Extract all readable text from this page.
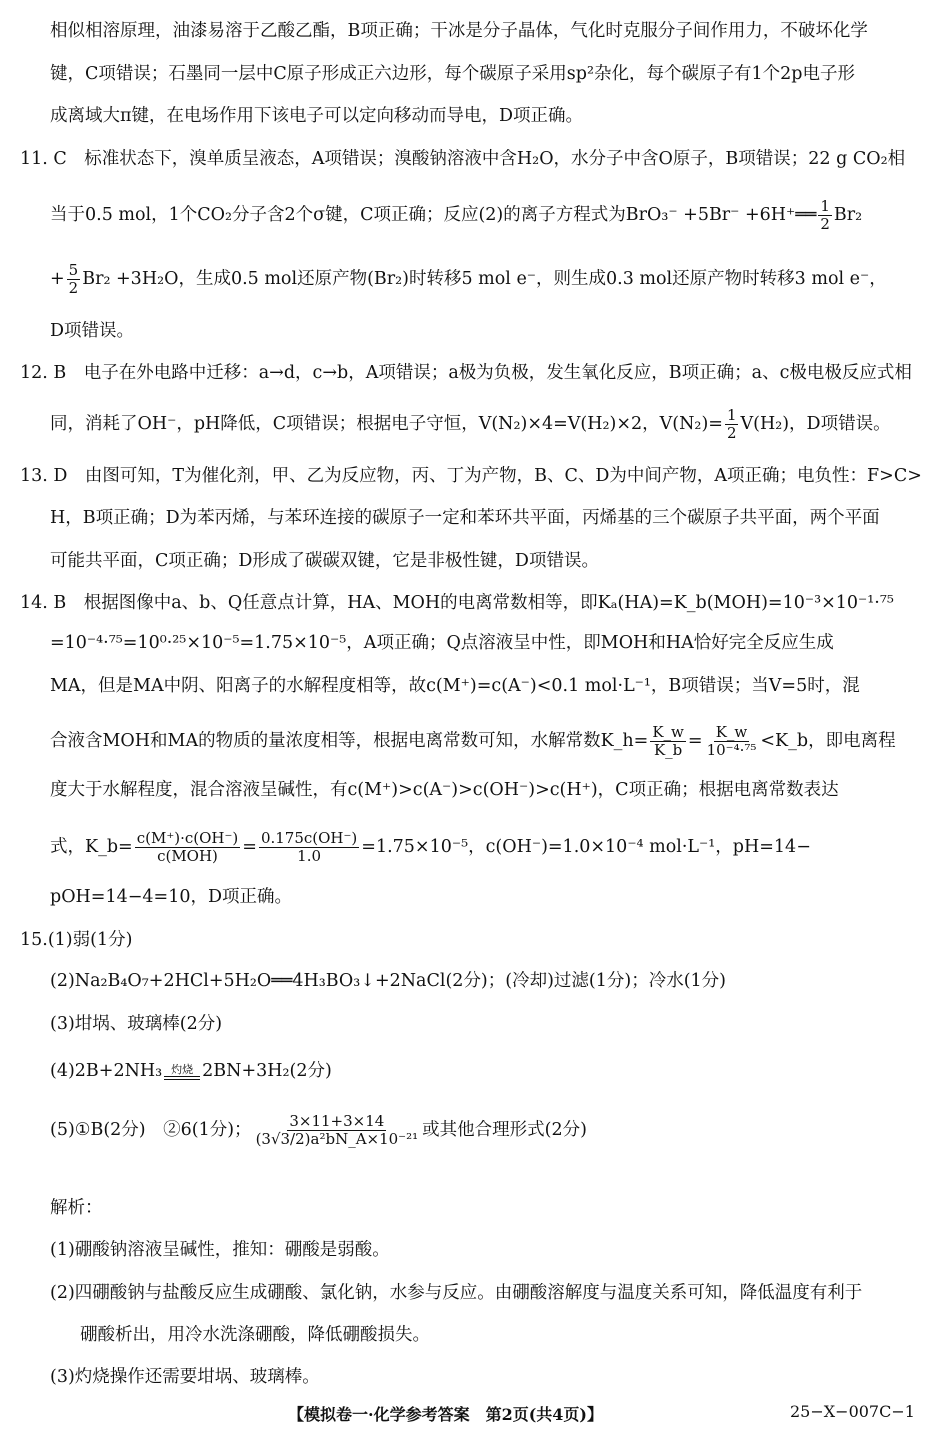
相似相溶原理，油漆易溶于乙酸乙酯，B项正确；干冰是分子晶体，气化时克服分子间作用力，不破坏化学
键，C项错误；石墨同一层中C原子形成正六边形，每个碳原子采用sp²杂化，每个碳原子有1个2p电子形
成离域大π键，在电场作用下该电子可以定向移动而导电，D项正确。
11. C　标准状态下，溴单质呈液态，A项错误；溴酸钠溶液中含H₂O，水分子中含O原子，B项错误；22 g CO₂相
当于0.5 mol，1个CO₂分子含2个σ键，C项正确；反应(2)的离子方程式为BrO₃⁻ +5Br⁻ +6H⁺══ $\frac{1}{2} Br_2$
+ $\frac{5}{2} Br_2 +3H_2O$，生成0.5 mol还原产物(Br₂)时转移5 mol e⁻，则生成0.3 mol还原产物时转移3 mol e⁻，
D项错误。
12. B　电子在外电路中迁移：a→d，c→b，A项错误；a极为负极，发生氧化反应，B项正确；a、c极电极反应式相
同，消耗了OH⁻，pH降低，C项错误；根据电子守恒，V(N₂)×4=V(H₂)×2，$V(N_2)= \frac{1}{2} V(H_2)$，D项错误。
13. D　由图可知，T为催化剂，甲、乙为反应物，丙、丁为产物，B、C、D为中间产物，A项正确；电负性：F>C>
H，B项正确；D为苯丙烯，与苯环连接的碳原子一定和苯环共平面，丙烯基的三个碳原子共平面，两个平面
可能共平面，C项正确；D形成了碳碳双键，它是非极性键，D项错误。
14. B　根据图像中a、b、Q任意点计算，HA、MOH的电离常数相等，即Kₐ(HA)=K_b(MOH)=10⁻³×10⁻¹·⁷⁵
=10⁻⁴·⁷⁵=10⁰·²⁵×10⁻⁵=1.75×10⁻⁵，A项正确；Q点溶液呈中性，即MOH和HA恰好完全反应生成
MA，但是MA中阴、阳离子的水解程度相等，故c(M⁺)=c(A⁻)<0.1 mol·L⁻¹，B项错误；当V=5时，混
合液含MOH和MA的物质的量浓度相等，根据电离常数可知，水解常数K_h= $\frac{K\_w}{K\_b} = \frac{K\_w}{\text{10⁻⁴·⁷⁵}}$ <K_b，即电离程
度大于水解程度，混合溶液呈碱性，有c(M⁺)>c(A⁻)>c(OH⁻)>c(H⁺)，C项正确；根据电离常数表达
式，K_b= $\frac{c(M^+)\cdot c(OH^-)}{\text{c(MOH)}} = \frac{0.175c(OH^-)}{1.0} =1.75\times 10^{-5}$，c(OH⁻)=1.0×10⁻⁴ mol·L⁻¹，pH=14−
pOH=14−4=10，D项正确。
15.(1)弱(1分)
(2)Na₂B₄O₇+2HCl+5H₂O══4H₃BO₃↓+2NaCl(2分)；(冷却)过滤(1分)；冷水(1分)
(3)坩埚、玻璃棒(2分)
(4)2B+2NH₃ 灼烧 2BN+3H₂(2分)
(5)①B(2分)　②6(1分)； $\frac{3\times 11+3\times 14}{\text{(3√3/2)a²bN\_A×10⁻²¹}}$ 或其他合理形式(2分)
解析：
(1)硼酸钠溶液呈碱性，推知：硼酸是弱酸。
(2)四硼酸钠与盐酸反应生成硼酸、氯化钠，水参与反应。由硼酸溶解度与温度关系可知，降低温度有利于
硼酸析出，用冷水洗涤硼酸，降低硼酸损失。
(3)灼烧操作还需要坩埚、玻璃棒。
【模拟卷一·化学参考答案　第2页(共4页)】	25−X−007C−1
